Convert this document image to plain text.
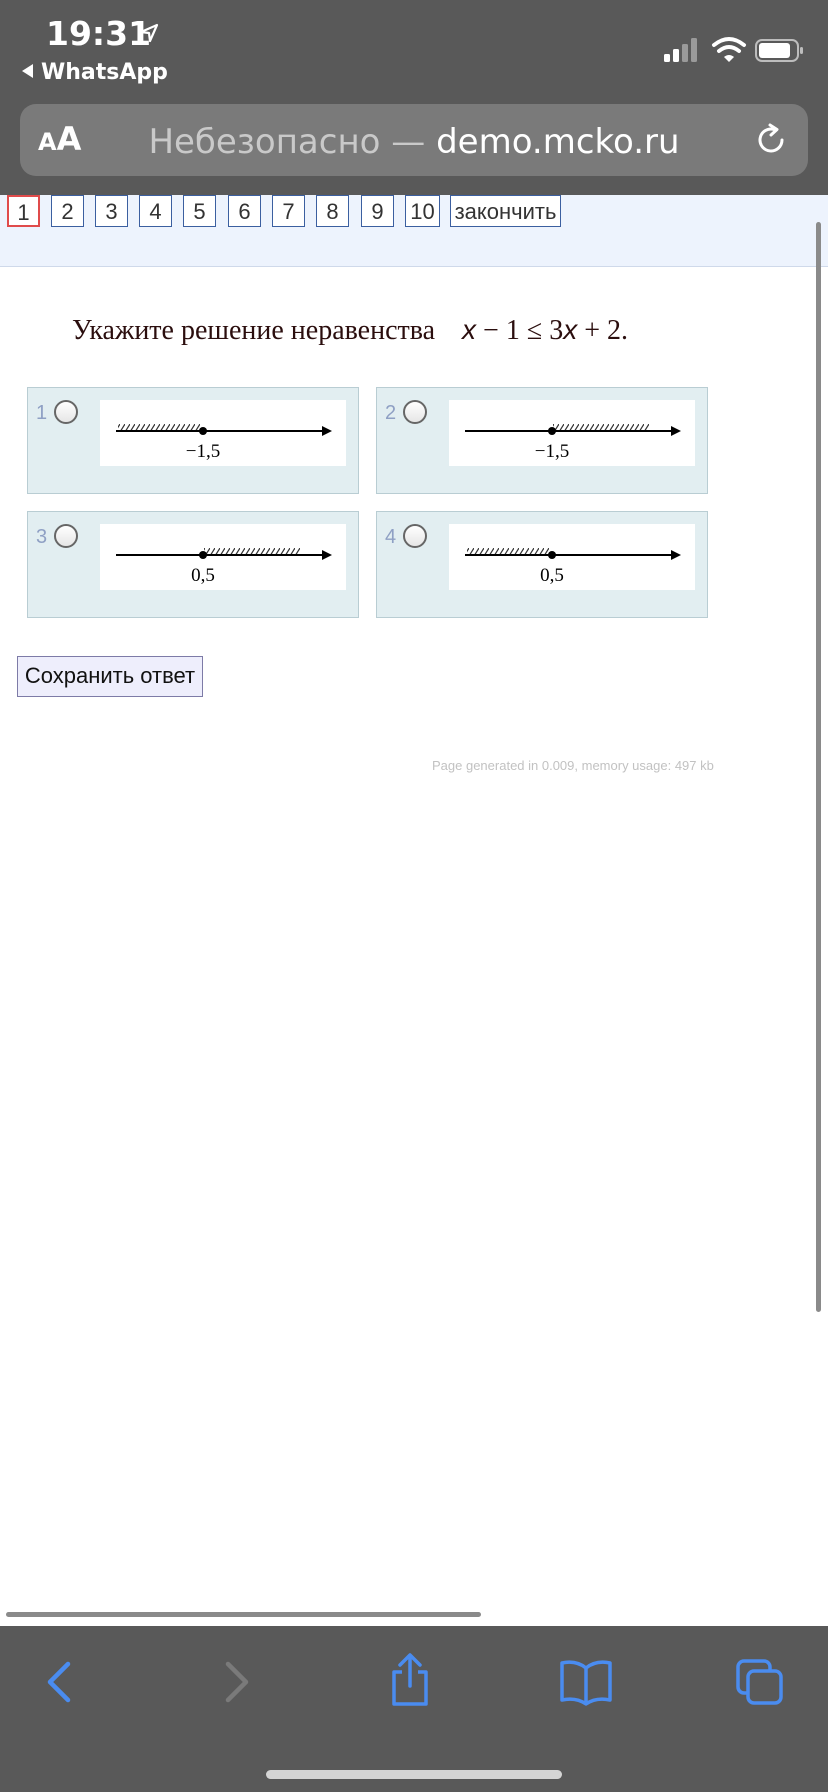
19:31
WhatsApp
AA	Небезопасно — demo.mcko.ru
1	2	3	4	5	6	7	8	9	10 закончить
Укажите решение неравенства x − 1 ≤ 3x + 2.
1
−1,5
2
−1,5
3
0,5
4
0,5
Сохранить ответ
Page generated in 0.009, memory usage: 497 kb
